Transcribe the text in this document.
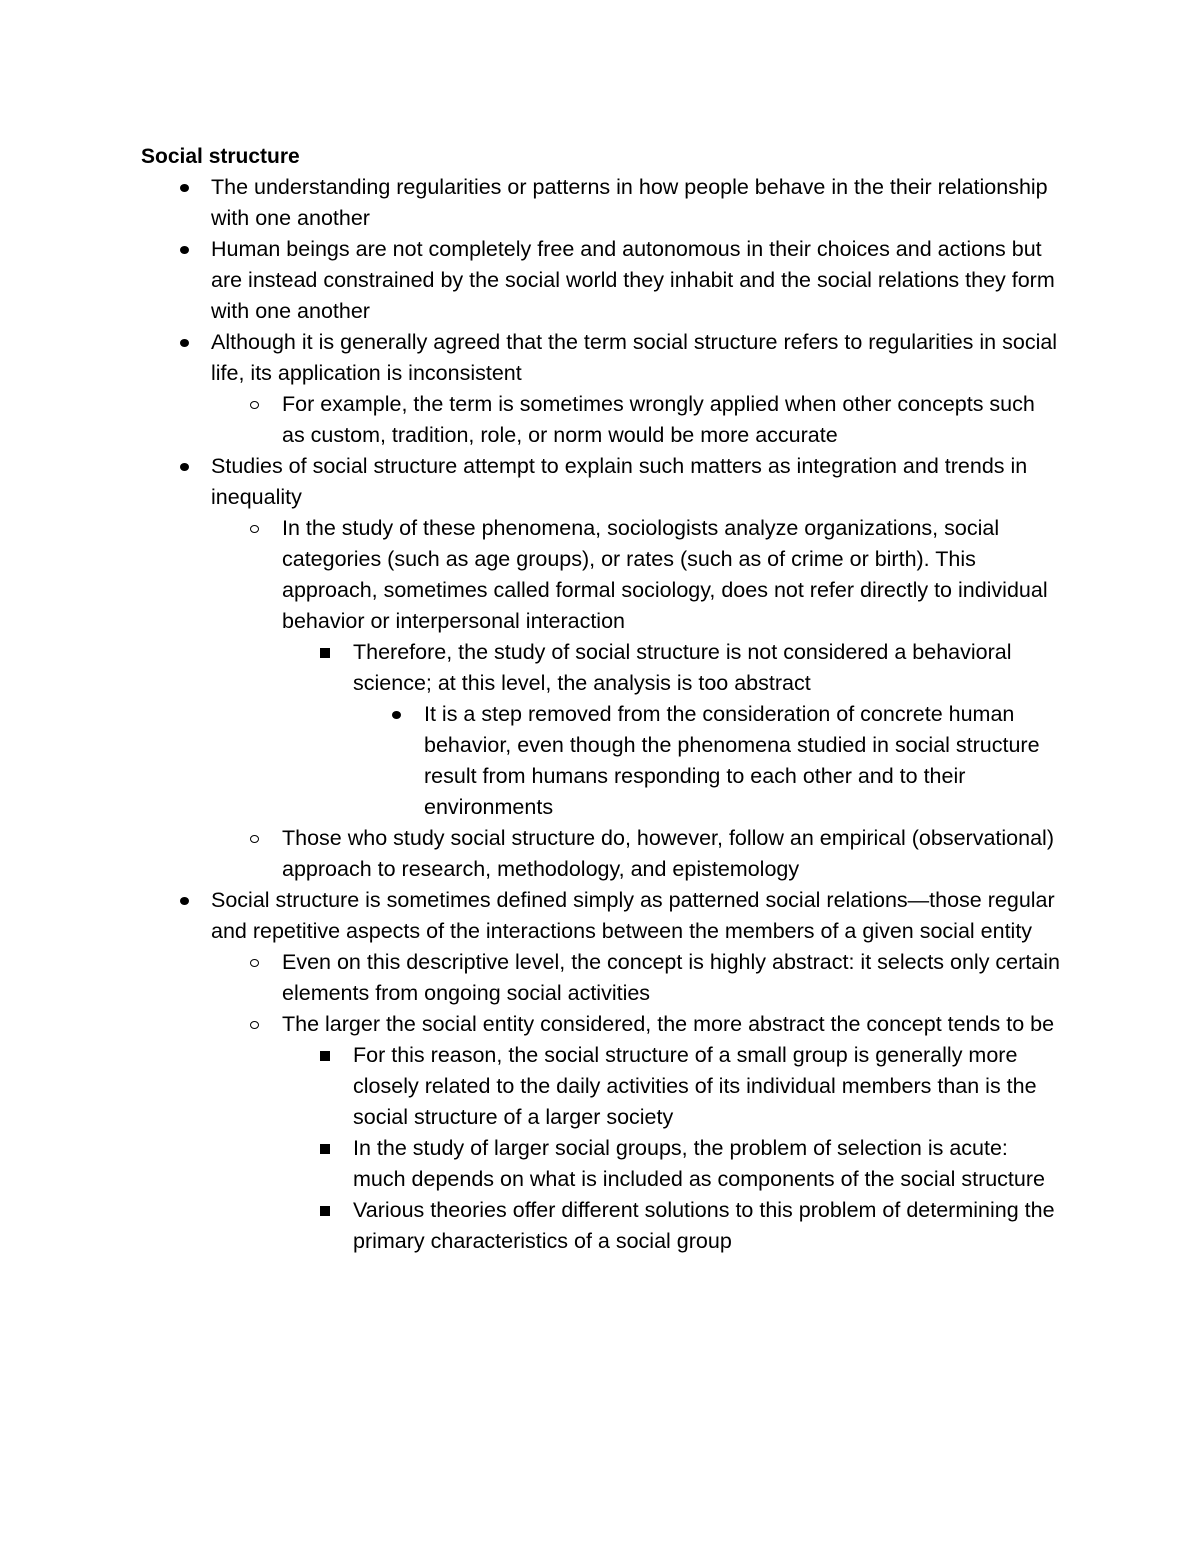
Social structure
The understanding regularities or patterns in how people behave in the their relationship with one another
Human beings are not completely free and autonomous in their choices and actions but are instead constrained by the social world they inhabit and the social relations they form with one another
Although it is generally agreed that the term social structure refers to regularities in social life, its application is inconsistent
For example, the term is sometimes wrongly applied when other concepts such as custom, tradition, role, or norm would be more accurate
Studies of social structure attempt to explain such matters as integration and trends in inequality
In the study of these phenomena, sociologists analyze organizations, social categories (such as age groups), or rates (such as of crime or birth). This approach, sometimes called formal sociology, does not refer directly to individual behavior or interpersonal interaction
Therefore, the study of social structure is not considered a behavioral science; at this level, the analysis is too abstract
It is a step removed from the consideration of concrete human behavior, even though the phenomena studied in social structure result from humans responding to each other and to their environments
Those who study social structure do, however, follow an empirical (observational) approach to research, methodology, and epistemology
Social structure is sometimes defined simply as patterned social relations—those regular and repetitive aspects of the interactions between the members of a given social entity
Even on this descriptive level, the concept is highly abstract: it selects only certain elements from ongoing social activities
The larger the social entity considered, the more abstract the concept tends to be
For this reason, the social structure of a small group is generally more closely related to the daily activities of its individual members than is the social structure of a larger society
In the study of larger social groups, the problem of selection is acute: much depends on what is included as components of the social structure
Various theories offer different solutions to this problem of determining the primary characteristics of a social group
